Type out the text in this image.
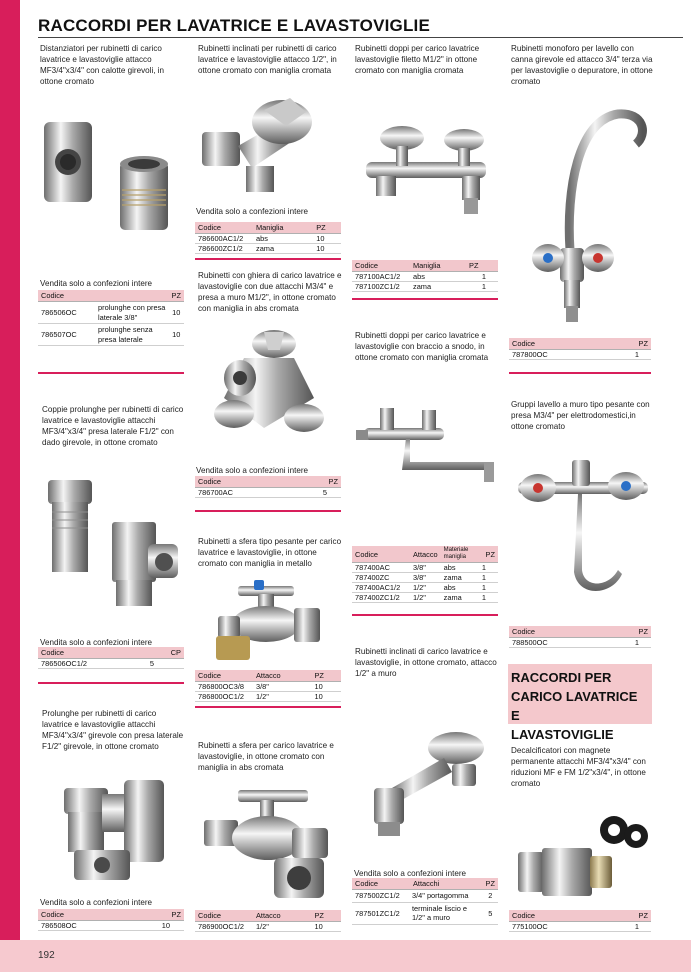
192
RACCORDI PER LAVATRICE E LAVASTOVIGLIE
Distanziatori per rubinetti di carico lavatrice e lavastoviglie attacco MF3/4"x3/4" con calotte girevoli, in ottone cromato
Vendita solo a confezioni intere
Codice		PZ
786506OC	prolunghe con presa laterale 3/8"	10
786507OC	prolunghe senza presa laterale	10
Coppie prolunghe per rubinetti di carico lavatrice e lavastoviglie attacchi MF3/4"x3/4" presa laterale F1/2" con dado girevole, in ottone cromato
Vendita solo a confezioni intere
Codice	CP
786506OC1/2	5
Prolunghe per rubinetti di carico lavatrice e lavastoviglie attacchi MF3/4"x3/4" girevole con presa laterale F1/2" girevole, in ottone cromato
Vendita solo a confezioni intere
Codice	PZ
786508OC	10
Rubinetti inclinati per rubinetti di carico lavatrice e lavastoviglie attacco 1/2", in ottone cromato con maniglia cromata
Vendita solo a confezioni intere
Codice	Maniglia	PZ
786600AC1/2	abs	10
786600ZC1/2	zama	10
Rubinetti con ghiera di carico lavatrice e lavastoviglie con due attacchi M3/4" e presa a muro M1/2", in ottone cromato con maniglia in abs cromata
Vendita solo a confezioni intere
Codice	PZ
786700AC	5
Rubinetti a sfera tipo pesante per carico lavatrice e lavastoviglie, in ottone cromato con maniglia in metallo
Codice	Attacco	PZ
786800OC3/8	3/8"	10
786800OC1/2	1/2"	10
Rubinetti a sfera per carico lavatrice e lavastoviglie, in ottone cromato con maniglia in abs cromata
Codice	Attacco	PZ
786900OC1/2	1/2"	10
Rubinetti doppi per carico lavatrice lavastoviglie filetto M1/2" in ottone cromato con maniglia cromata
Codice	Maniglia	PZ
787100AC1/2	abs	1
787100ZC1/2	zama	1
Rubinetti doppi per carico lavatrice e lavastoviglie con braccio a snodo, in ottone cromato con maniglia cromata
Codice	Attacco	Materiale maniglia	PZ
787400AC	3/8"	abs	1
787400ZC	3/8"	zama	1
787400AC1/2	1/2"	abs	1
787400ZC1/2	1/2"	zama	1
Rubinetti inclinati di carico lavatrice e lavastoviglie, in ottone cromato, attacco 1/2" a muro
Vendita solo a confezioni intere
Codice	Attacchi	PZ
787500ZC1/2	3/4" portagomma	2
787501ZC1/2	terminale liscio e 1/2" a muro	5
Rubinetti monoforo per lavello con canna girevole ed attacco 3/4" terza via per lavastoviglie o depuratore, in ottone cromato
Codice	PZ
787800OC	1
Gruppi lavello a muro tipo pesante con presa M3/4" per elettrodomestici,in ottone cromato
Codice	PZ
788500OC	1
RACCORDI PER
CARICO LAVATRICE E
LAVASTOVIGLIE
Decalcificatori con magnete permanente attacchi MF3/4"x3/4" con riduzioni MF e FM 1/2"x3/4", in ottone cromato
Codice	PZ
775100OC	1
